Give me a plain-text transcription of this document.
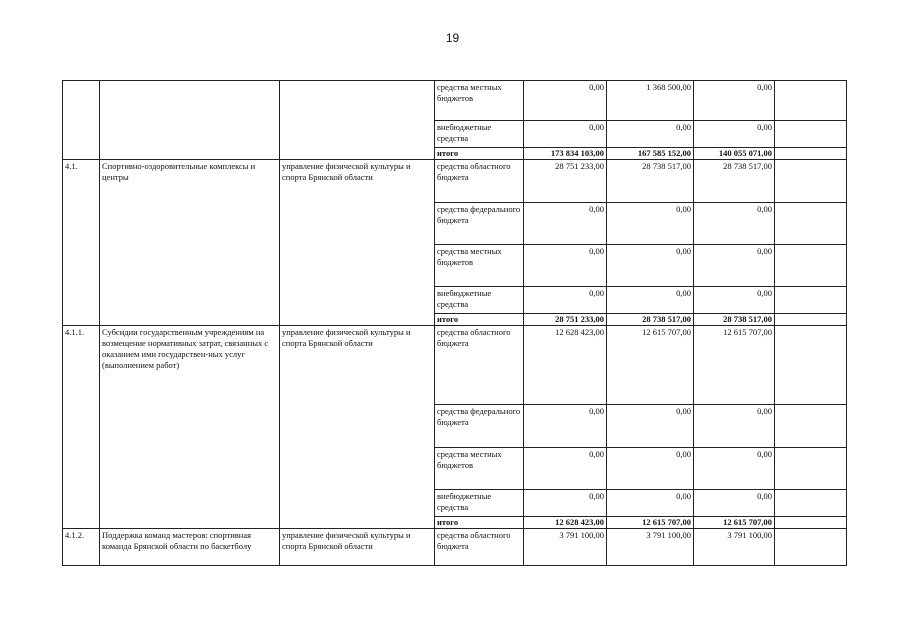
19
			средства местных бюджетов	0,00	1 368 500,00	0,00	
			внебюджетные средства	0,00	0,00	0,00	
			итого	173 834 103,00	167 585 152,00	140 055 071,00	
4.1.	Спортивно-оздоровительные комплексы и центры	управление физической культуры и спорта Брянской области	средства областного бюджета	28 751 233,00	28 738 517,00	28 738 517,00	
			средства федерального бюджета	0,00	0,00	0,00	
			средства местных бюджетов	0,00	0,00	0,00	
			внебюджетные средства	0,00	0,00	0,00	
			итого	28 751 233,00	28 738 517,00	28 738 517,00	
4.1.1.	Субсидии государственным учреждениям на возмещение нормативных затрат, связанных с оказанием ими государствен-ных услуг (выполнением работ)	управление физической культуры и спорта Брянской области	средства областного бюджета	12 628 423,00	12 615 707,00	12 615 707,00	
			средства федерального бюджета	0,00	0,00	0,00	
			средства местных бюджетов	0,00	0,00	0,00	
			внебюджетные средства	0,00	0,00	0,00	
			итого	12 628 423,00	12 615 707,00	12 615 707,00	
4.1.2.	Поддержка команд мастеров: спортивная команда Брянской области по баскетболу	управление физической культуры и спорта Брянской области	средства областного бюджета	3 791 100,00	3 791 100,00	3 791 100,00	
